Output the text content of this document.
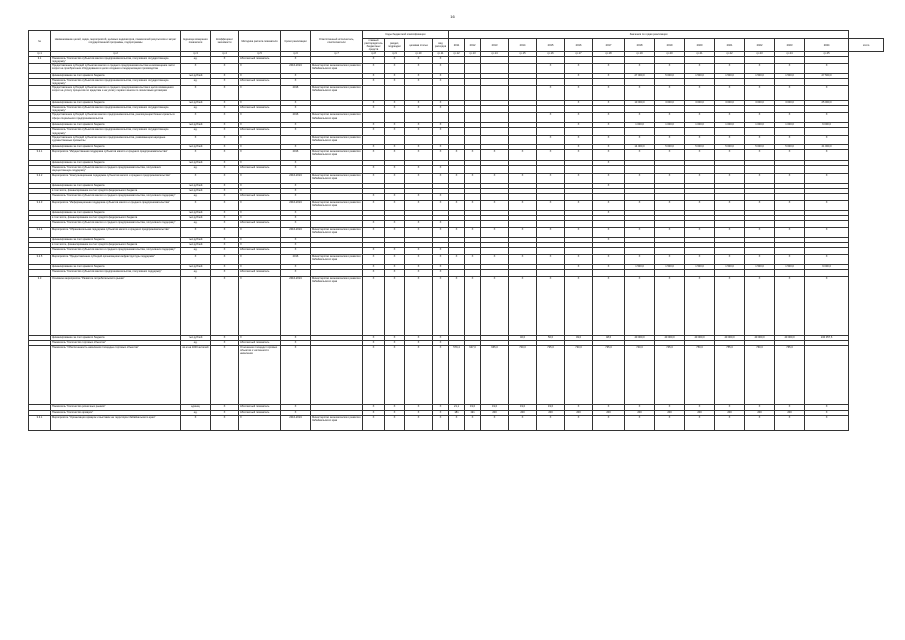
16
№	Наименование целей, задач, мероприятий, целевых индикаторов, показателей результатов и затрат государственной программы, подпрограммы	Единица измерения показателя	Коэффициент значимости	Методика расчета показателя	Сроки реализации	Ответственный исполнитель, соисполнители	Коды бюджетной классификации				Значения по годам реализации														
							главный распорядитель бюджетных средств	раздел, подраздел	целевая статья	вид расходов	2011	2012	2013	2014	2015	2016	2017	2018	2019	2020	2021	2022	2023	2024	итого
гр.1	гр.2	гр.3	гр.4	гр.5	гр.6	гр.7	гр.8	гр.9	гр.10	гр.11	гр.12	гр.13	гр.14	гр.15	гр.16	гр.17	гр.18	гр.19	гр.20	гр.21	гр.22	гр.23	гр.24	гр.25	
3.1	Показатель "Количество субъектов малого предпринимательства, получивших государственную поддержку"	ед.	X	Абсолютный показатель	X		X	X	X	X															
	Предоставление субсидий субъектам малого и среднего предпринимательства на возмещение части затрат на приобретение оборудования в целях создания и модернизации производства	X	X	X	2016-2024	Министерство экономического развития Забайкальского края	X	X	X	X					X	X	X	X	X	X	X	X	X	X	
	финансирование за счет краевого бюджета	тыс.рублей	X	X	X		X	X	X	X						X	X	27 000,0	5 000,0	1 500,0	1 500,0	1 500,0	1 500,0	27 500,0	
	Показатель "Количество субъектов малого предпринимательства, получивших государственную поддержку"	ед.	X	Абсолютный показатель	X		X	X	X	X															
	Предоставление субсидий субъектам малого и среднего предпринимательства в целях возмещения затрат на уплату процентов по кредитам и на уплату первого взноса по лизинговым договорам	X	X	X	2016	Министерство экономического развития Забайкальского края									X	X	X	X	X	X	X	X	X	X	
	финансирование за счет краевого бюджета	тыс.рублей	X	X	X		X	X	X	X						X	X	10 000,0	3 000,0	3 000,0	3 000,0	3 000,0	3 000,0	25 000,0	
	Показатель "Количество субъектов малого предпринимательства, получивших государственную поддержку"	ед.	X	Абсолютный показатель	X		X	X	X	X															
	Предоставление субсидий субъектам малого предпринимательства, реализующим бизнес-проекты в сфере социального предпринимательства	X	X	X	2016	Министерство экономического развития Забайкальского края									X	X	X	X	X	X	X	X	X	X	
	финансирование за счет краевого бюджета	тыс.рублей	X	X	X		X	X	X	X						X	X	1 000,0	1 000,0	1 000,0	1 000,0	1 000,0	1 000,0	6 000,0	
	Показатель "Количество субъектов малого предпринимательства, получивших государственную поддержку"	ед.	X	Абсолютный показатель	X		X	X	X	X															
	Предоставление субсидий субъектам малого предпринимательства, развивающим народные художественные промыслы	X	X	X		Министерство экономического развития Забайкальского края									X	X	X	X	X	X	X	X	X	X	
	финансирование за счет краевого бюджета	тыс.рублей	X	X	X		X	X	X	X						X	X	14 000,0	5 000,0	5 000,0	5 000,0	5 000,0	5 000,0	41 000,0	
3.2.1	Мероприятие "Имущественная поддержка субъектов малого и среднего предпринимательства"	X	X	X	2016	Министерство экономического развития Забайкальского края	X	X	X	X	X	X	X	X	X	X	X	X	X	X	X	X	X	X	
	финансирование за счет краевого бюджета	тыс.рублей	X	X	X												X								
	Показатель "Количество субъектов малого и среднего предпринимательства, получивших имущественную поддержку"	ед.	X	Абсолютный показатель	X		X	X	X	X															
3.2.2	Мероприятие "Консультационная поддержка субъектов малого и среднего предпринимательства"	X	X	X	2016-2024	Министерство экономического развития Забайкальского края	X	X	X	X	X	X	X	X	X	X	X	X	X	X	X	X	X	X	
	финансирование за счет краевого бюджета	тыс.рублей	X	X	X												X								
	в том числе, финансирование за счет средств федерального бюджета	тыс.рублей	X	X	X																				
	Показатель "Количество субъектов малого и среднего предпринимательства, получивших поддержку"	ед.	X	Абсолютный показатель	X		X	X	X	X															
3.2.3	Мероприятие "Информационная поддержка субъектов малого и среднего предпринимательства"	X	X	X	2016-2024	Министерство экономического развития Забайкальского края	X	X	X	X	X	X	X	X	X	X	X	X	X	X	X	X	X	X	
	финансирование за счет краевого бюджета	тыс.рублей	X	X	X												X								
	в том числе, финансирование за счет средств федерального бюджета	тыс.рублей	X	X	X																				
	Показатель "Количество субъектов малого и среднего предпринимательства, получивших поддержку"	ед.	X	Абсолютный показатель	X		X	X	X	X															
3.2.4	Мероприятие "Образовательная поддержка субъектов малого и среднего предпринимательства"	X	X	X	2016-2024	Министерство экономического развития Забайкальского края	X	X	X	X	X	X	X	X	X	X	X	X	X	X	X	X	X	X	
	финансирование за счет краевого бюджета	тыс.рублей	X	X	X												X								
	в том числе, финансирование за счет средств федерального бюджета	тыс.рублей	X	X	X																				
	Показатель "Количество субъектов малого и среднего предпринимательства, получивших поддержку"	ед.	X	Абсолютный показатель	X		X	X	X	X															
3.2.5	Мероприятие "Предоставление субсидий организациям инфраструктуры поддержки"	X	X	X	2016	Министерство экономического развития Забайкальского края	X	X	X	X	X	X	X	X	X	X	X	X	X	X	X	X	X	X	
	финансирование за счет краевого бюджета	тыс.рублей	X	X	X		X	X	X	X						X	X	1 500,0	1 500,0	1 500,0	1 500,0	1 500,0	1 500,0	9 000,0	
	Показатель "Количество субъектов малого предпринимательства, получивших поддержку"	ед.	X	Абсолютный показатель	X		X	X	X	X															
3.3	Основное мероприятие "Развитие потребительского рынка"	X	X	X	2016-2024	Министерство экономического развития Забайкальского края	X	X	X	X	X	X	X	X	X	X	X	X	X	X	X	X	X	X	
	финансирование за счет краевого бюджета	тыс.рублей	X	X	X		X	X	X	X				40,0	50,0	49,0	48,6	40 000,0	40 000,0	40 000,0	40 000,0	40 000,0	40 000,0	240 357,6	
	Показатель "Количество торговых объектов"	ед.	X	Абсолютный показатель	X		X	X	X	X															
	Показатель "Обеспеченность населения площадью торговых объектов"	кв.м на 1000 жителей	X	Отношение площади торговых объектов к численности населения	X		X	X	X	X	579,4	647,0	665,0	700,0	725,0	730,0	735,0	740,0	745,0	750,0	755,0	760,0	765,0		
	Показатель "Количество розничных рынков"	единиц	X	Абсолютный показатель	X		X	X	X	X	21,1	19,0	19,0	19,0	19,0	X	X	X	X	X	X	X	X	X	
	Показатель "Количество ярмарок"	ед.	X	Абсолютный показатель	X		X	X	X	X	181	191	200	200	200	200	200	200	200	200	200	200	200	X	
3.3.1	Мероприятие "Организация ярмарок и выставок на территории Забайкальского края"	X	X	X	2016-2024	Министерство экономического развития Забайкальского края	X	X	X	X	X	X	X	X	X	X	X	X	X	X	X	X	X	X	
